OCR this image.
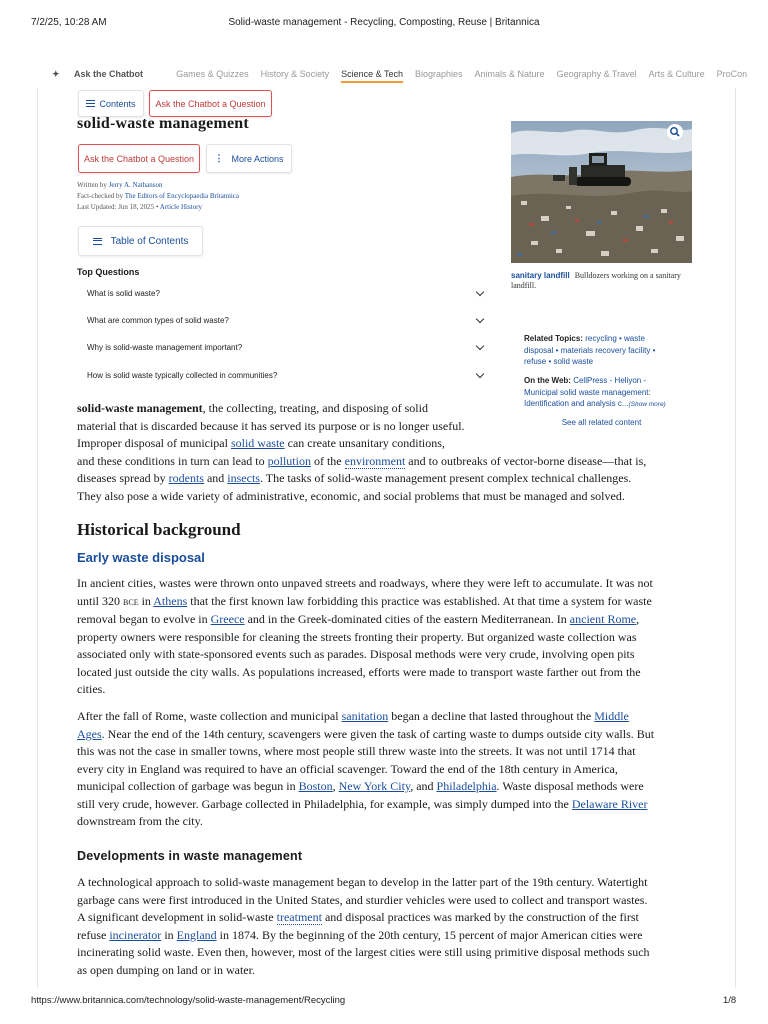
7/2/25, 10:28 AM	Solid-waste management - Recycling, Composting, Reuse | Britannica
✦ Ask the Chatbot	Games & Quizzes History & Society Science & Tech Biographies Animals & Nature Geography & Travel Arts & Culture ProCon
Contents	Ask the Chatbot a Question
solid-waste management
Ask the Chatbot a Question	⋮ More Actions
Written by Jerry A. Nathanson
Fact-checked by The Editors of Encyclopaedia Britannica
Last Updated: Jun 18, 2025 • Article History
Table of Contents
Top Questions
What is solid waste?
What are common types of solid waste?
Why is solid-waste management important?
How is solid waste typically collected in communities?
sanitary landfill Bulldozers working on a sanitary landfill.
Related Topics: recycling • waste
disposal • materials recovery facility •
refuse • solid waste
On the Web: CellPress - Heliyon -
Municipal solid waste management:
Identification and analysis c...(Show more)
See all related content
solid-waste management, the collecting, treating, and disposing of solid
material that is discarded because it has served its purpose or is no longer useful.
Improper disposal of municipal solid waste can create unsanitary conditions,
and these conditions in turn can lead to pollution of the environment and to outbreaks of vector-borne disease—that is,
diseases spread by rodents and insects. The tasks of solid-waste management present complex technical challenges.
They also pose a wide variety of administrative, economic, and social problems that must be managed and solved.
Historical background
Early waste disposal
In ancient cities, wastes were thrown onto unpaved streets and roadways, where they were left to accumulate. It was not
until 320 bce in Athens that the first known law forbidding this practice was established. At that time a system for waste
removal began to evolve in Greece and in the Greek-dominated cities of the eastern Mediterranean. In ancient Rome,
property owners were responsible for cleaning the streets fronting their property. But organized waste collection was
associated only with state-sponsored events such as parades. Disposal methods were very crude, involving open pits
located just outside the city walls. As populations increased, efforts were made to transport waste farther out from the
cities.
After the fall of Rome, waste collection and municipal sanitation began a decline that lasted throughout the Middle
Ages. Near the end of the 14th century, scavengers were given the task of carting waste to dumps outside city walls. But
this was not the case in smaller towns, where most people still threw waste into the streets. It was not until 1714 that
every city in England was required to have an official scavenger. Toward the end of the 18th century in America,
municipal collection of garbage was begun in Boston, New York City, and Philadelphia. Waste disposal methods were
still very crude, however. Garbage collected in Philadelphia, for example, was simply dumped into the Delaware River
downstream from the city.
Developments in waste management
A technological approach to solid-waste management began to develop in the latter part of the 19th century. Watertight
garbage cans were first introduced in the United States, and sturdier vehicles were used to collect and transport wastes.
A significant development in solid-waste treatment and disposal practices was marked by the construction of the first
refuse incinerator in England in 1874. By the beginning of the 20th century, 15 percent of major American cities were
incinerating solid waste. Even then, however, most of the largest cities were still using primitive disposal methods such
as open dumping on land or in water.
https://www.britannica.com/technology/solid-waste-management/Recycling	1/8
